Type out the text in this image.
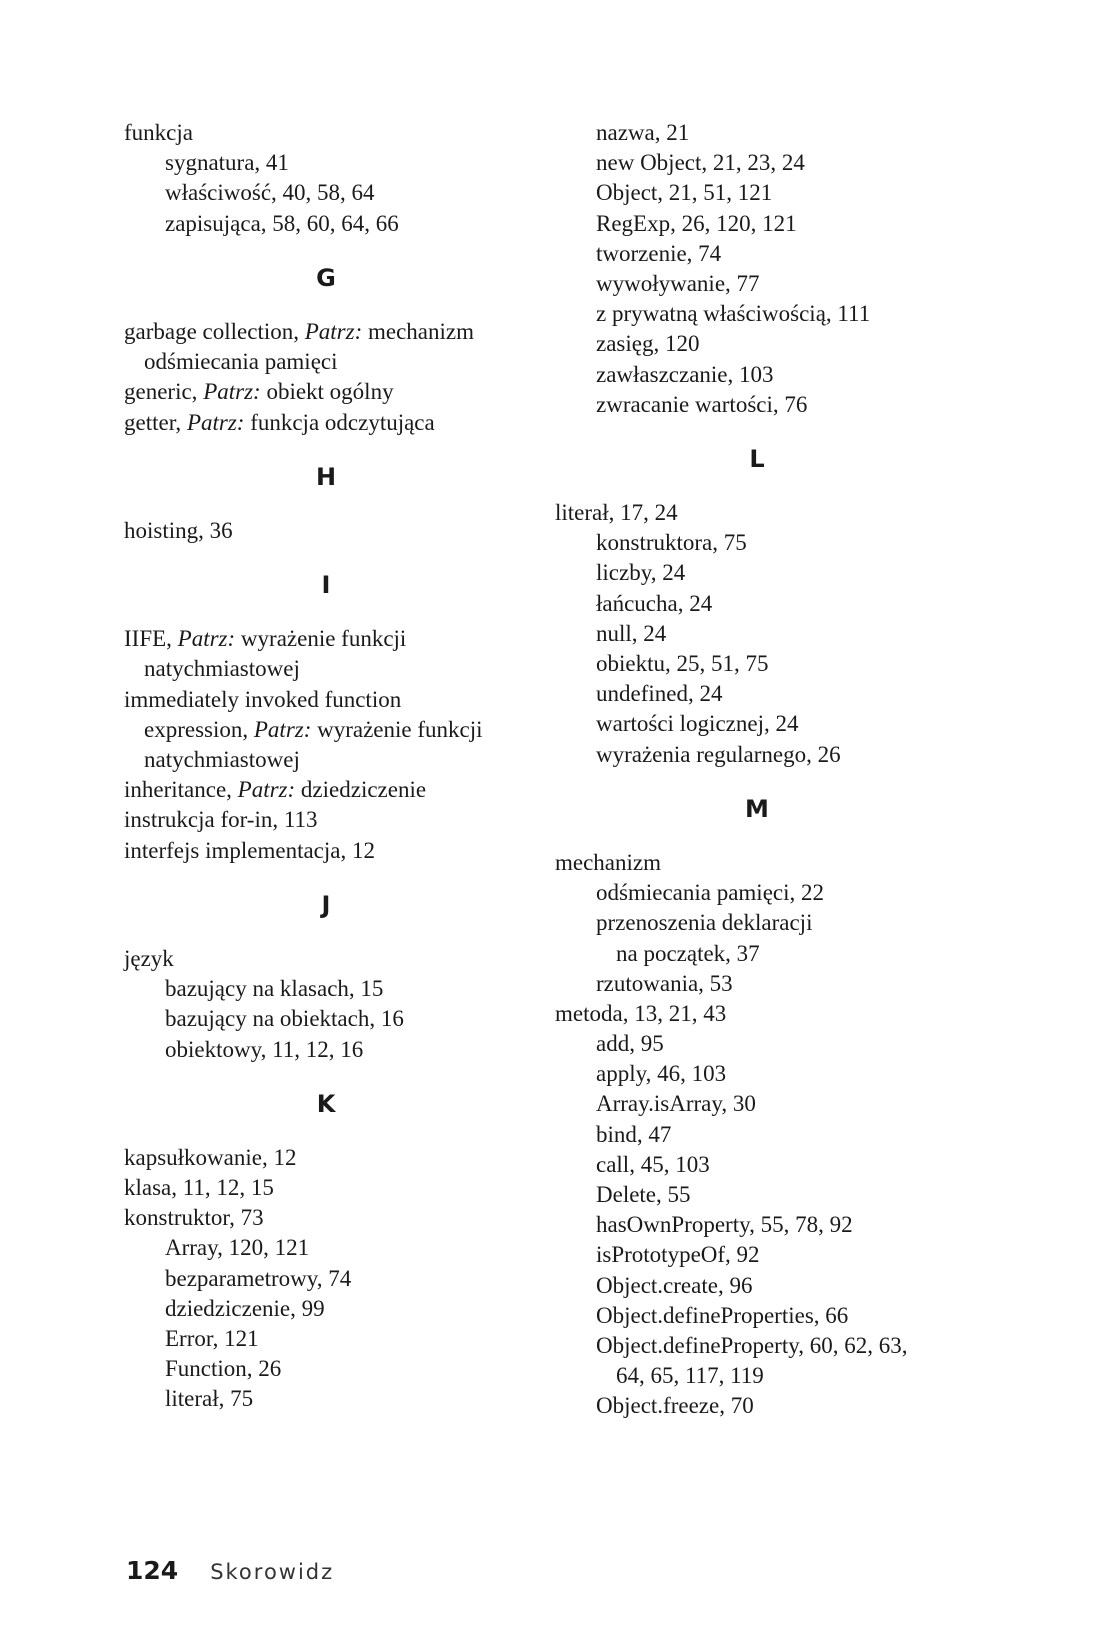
funkcja
sygnatura, 41
właściwość, 40, 58, 64
zapisująca, 58, 60, 64, 66
G
garbage collection, Patrz: mechanizm
odśmiecania pamięci
generic, Patrz: obiekt ogólny
getter, Patrz: funkcja odczytująca
H
hoisting, 36
I
IIFE, Patrz: wyrażenie funkcji
natychmiastowej
immediately invoked function
expression, Patrz: wyrażenie funkcji
natychmiastowej
inheritance, Patrz: dziedziczenie
instrukcja for-in, 113
interfejs implementacja, 12
J
język
bazujący na klasach, 15
bazujący na obiektach, 16
obiektowy, 11, 12, 16
K
kapsułkowanie, 12
klasa, 11, 12, 15
konstruktor, 73
Array, 120, 121
bezparametrowy, 74
dziedziczenie, 99
Error, 121
Function, 26
literał, 75
nazwa, 21
new Object, 21, 23, 24
Object, 21, 51, 121
RegExp, 26, 120, 121
tworzenie, 74
wywoływanie, 77
z prywatną właściwością, 111
zasięg, 120
zawłaszczanie, 103
zwracanie wartości, 76
L
literał, 17, 24
konstruktora, 75
liczby, 24
łańcucha, 24
null, 24
obiektu, 25, 51, 75
undefined, 24
wartości logicznej, 24
wyrażenia regularnego, 26
M
mechanizm
odśmiecania pamięci, 22
przenoszenia deklaracji
na początek, 37
rzutowania, 53
metoda, 13, 21, 43
add, 95
apply, 46, 103
Array.isArray, 30
bind, 47
call, 45, 103
Delete, 55
hasOwnProperty, 55, 78, 92
isPrototypeOf, 92
Object.create, 96
Object.defineProperties, 66
Object.defineProperty, 60, 62, 63,
64, 65, 117, 119
Object.freeze, 70
124 Skorowidz
